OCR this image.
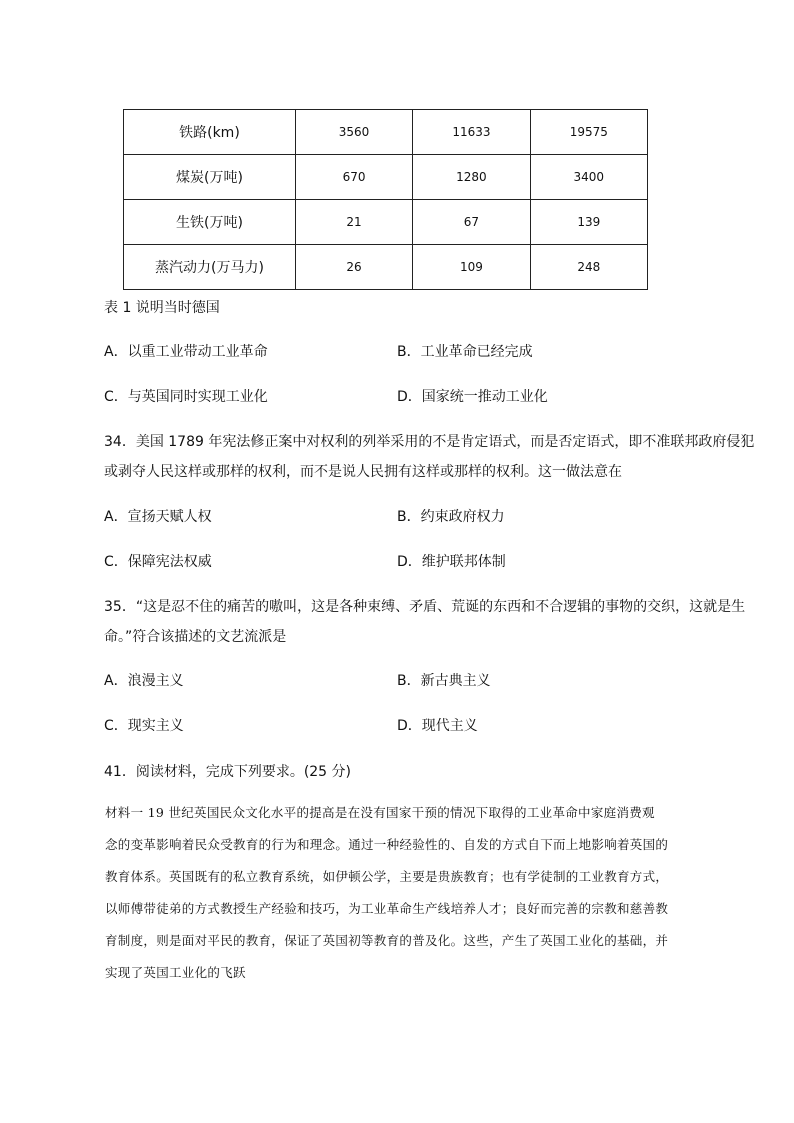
铁路(km)	3560	11633	19575
煤炭(万吨)	670	1280	3400
生铁(万吨)	21	67	139
蒸汽动力(万马力)	26	109	248
表 1 说明当时德国
A．以重工业带动工业革命	B．工业革命已经完成
C．与英国同时实现工业化	D．国家统一推动工业化
34．美国 1789 年宪法修正案中对权利的列举采用的不是肯定语式，而是否定语式，即不准联邦政府侵犯
或剥夺人民这样或那样的权利，而不是说人民拥有这样或那样的权利。这一做法意在
A．宣扬天赋人权	B．约束政府权力
C．保障宪法权威	D．维护联邦体制
35．“这是忍不住的痛苦的嗷叫，这是各种束缚、矛盾、荒诞的东西和不合逻辑的事物的交织，这就是生
命。”符合该描述的文艺流派是
A．浪漫主义	B．新古典主义
C．现实主义	D．现代主义
41．阅读材料，完成下列要求。(25 分)

材料一 19 世纪英国民众文化水平的提高是在没有国家干预的情况下取得的工业革命中家庭消费观

念的变革影响着民众受教育的行为和理念。通过一种经验性的、自发的方式自下而上地影响着英国的

教育体系。英国既有的私立教育系统，如伊顿公学，主要是贵族教育；也有学徒制的工业教育方式，

以师傅带徒弟的方式教授生产经验和技巧，为工业革命生产线培养人才；良好而完善的宗教和慈善教

育制度，则是面对平民的教育，保证了英国初等教育的普及化。这些，产生了英国工业化的基础，并

实现了英国工业化的飞跃
